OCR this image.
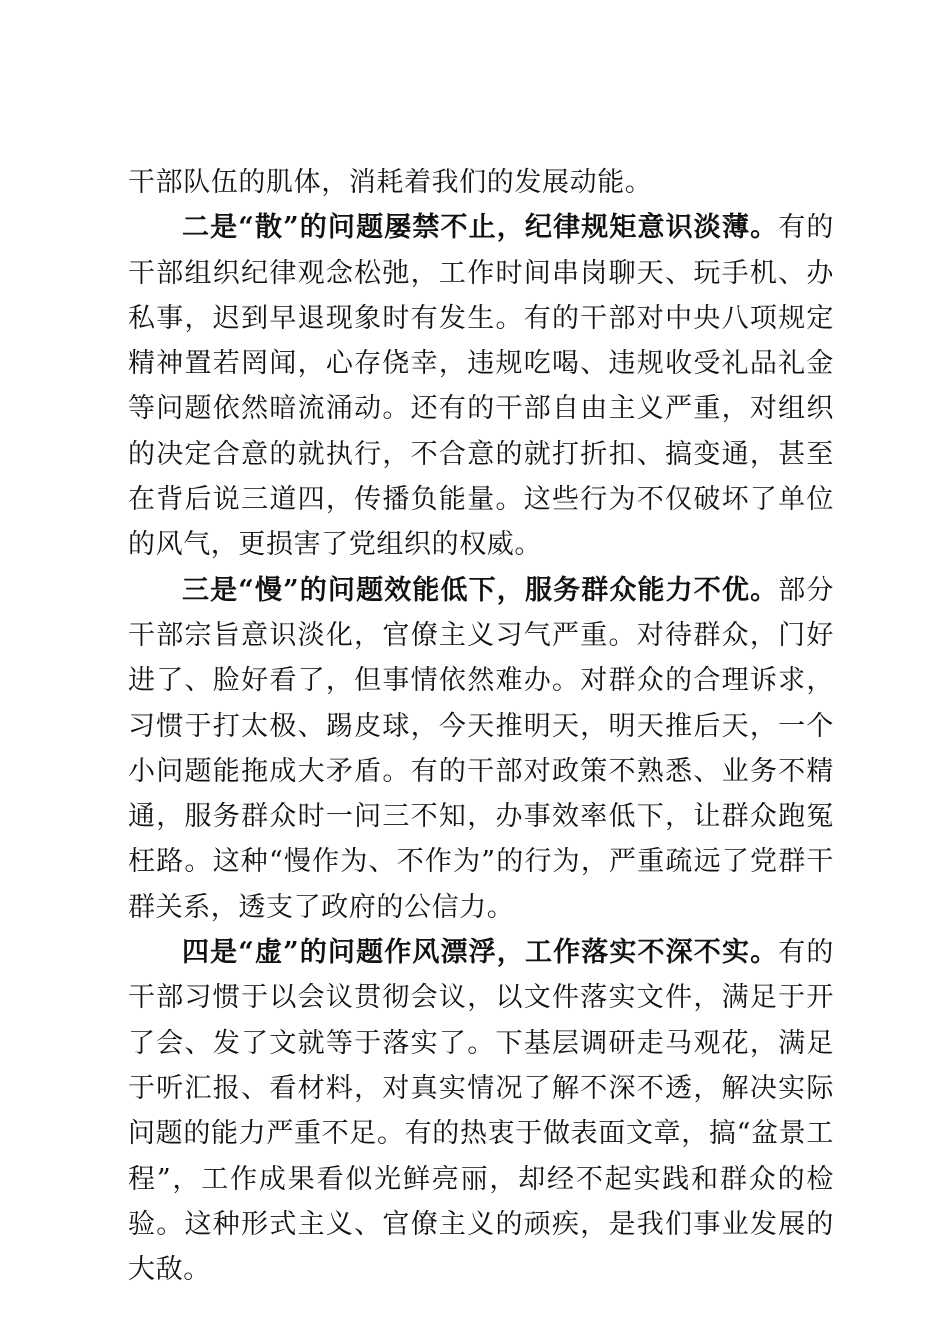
干部队伍的肌体，消耗着我们的发展动能。

二是“散”的问题屡禁不止，纪律规矩意识淡薄。有的干部组织纪律观念松弛，工作时间串岗聊天、玩手机、办私事，迟到早退现象时有发生。有的干部对中央八项规定精神置若罔闻，心存侥幸，违规吃喝、违规收受礼品礼金等问题依然暗流涌动。还有的干部自由主义严重，对组织的决定合意的就执行，不合意的就打折扣、搞变通，甚至在背后说三道四，传播负能量。这些行为不仅破坏了单位的风气，更损害了党组织的权威。

三是“慢”的问题效能低下，服务群众能力不优。部分干部宗旨意识淡化，官僚主义习气严重。对待群众，门好进了、脸好看了，但事情依然难办。对群众的合理诉求，习惯于打太极、踢皮球，今天推明天，明天推后天，一个小问题能拖成大矛盾。有的干部对政策不熟悉、业务不精通，服务群众时一问三不知，办事效率低下，让群众跑冤枉路。这种“慢作为、不作为”的行为，严重疏远了党群干群关系，透支了政府的公信力。

四是“虚”的问题作风漂浮，工作落实不深不实。有的干部习惯于以会议贯彻会议，以文件落实文件，满足于开了会、发了文就等于落实了。下基层调研走马观花，满足于听汇报、看材料，对真实情况了解不深不透，解决实际问题的能力严重不足。有的热衷于做表面文章，搞“盆景工程”，工作成果看似光鲜亮丽，却经不起实践和群众的检验。这种形式主义、官僚主义的顽疾，是我们事业发展的大敌。
